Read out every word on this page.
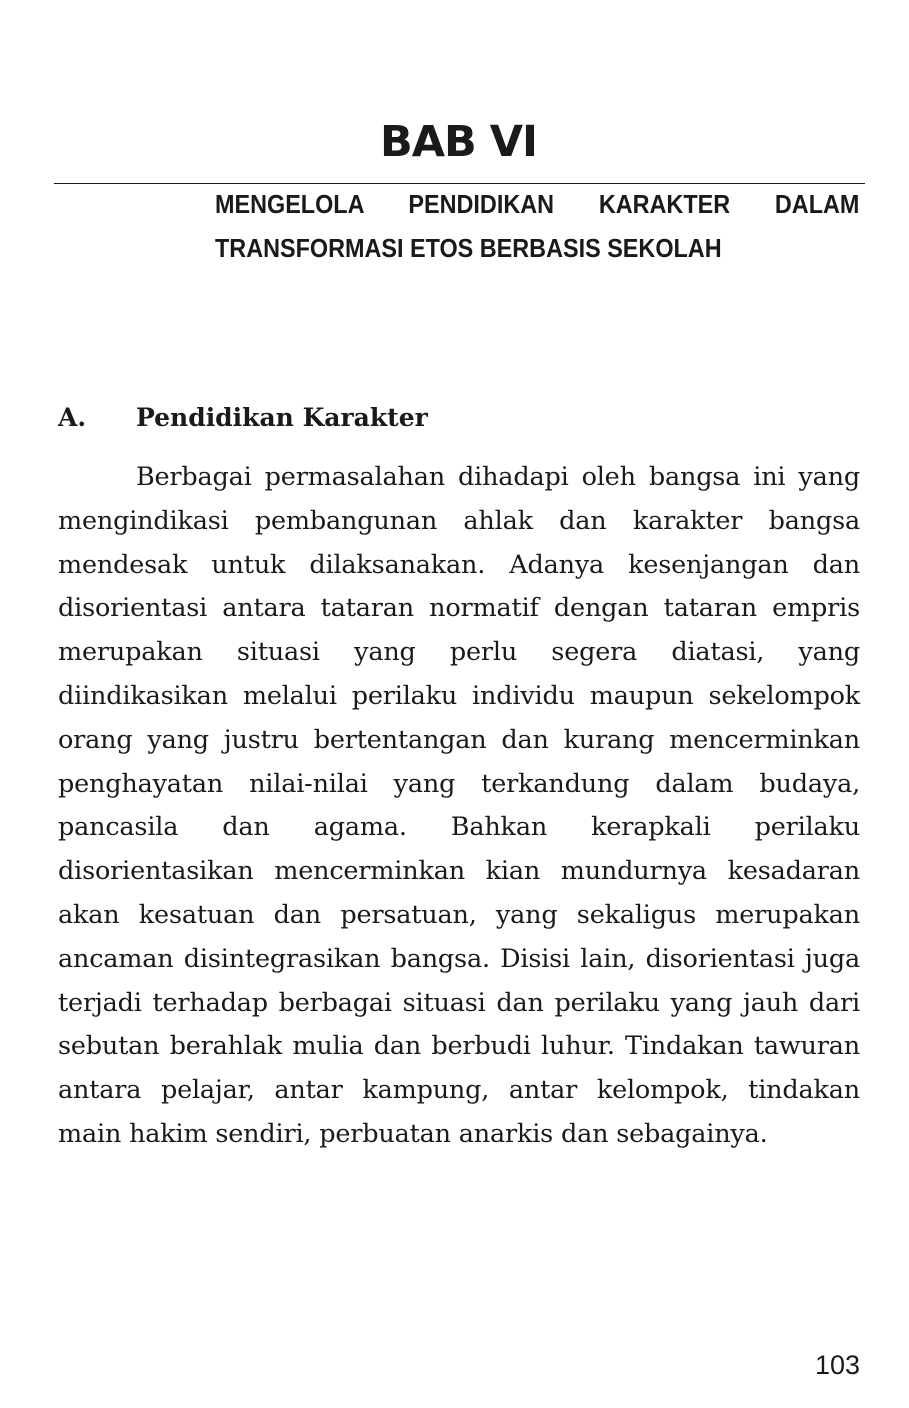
BAB VI
MENGELOLA PENDIDIKAN KARAKTER DALAM TRANSFORMASI ETOS BERBASIS SEKOLAH
A. Pendidikan Karakter

Berbagai permasalahan dihadapi oleh bangsa ini yang mengindikasi pembangunan ahlak dan karakter bangsa mendesak untuk dilaksanakan. Adanya kesenjangan dan disorientasi antara tataran normatif dengan tataran empris merupakan situasi yang perlu segera diatasi, yang diindikasikan melalui perilaku individu maupun sekelompok orang yang justru bertentangan dan kurang mencerminkan penghayatan nilai-nilai yang terkandung dalam budaya, pancasila dan agama. Bahkan kerapkali perilaku disorientasikan mencerminkan kian mundurnya kesadaran akan kesatuan dan persatuan, yang sekaligus merupakan ancaman disintegrasikan bangsa. Disisi lain, disorientasi juga terjadi terhadap berbagai situasi dan perilaku yang jauh dari sebutan berahlak mulia dan berbudi luhur. Tindakan tawuran antara pelajar, antar kampung, antar kelompok, tindakan main hakim sendiri, perbuatan anarkis dan sebagainya.

103
